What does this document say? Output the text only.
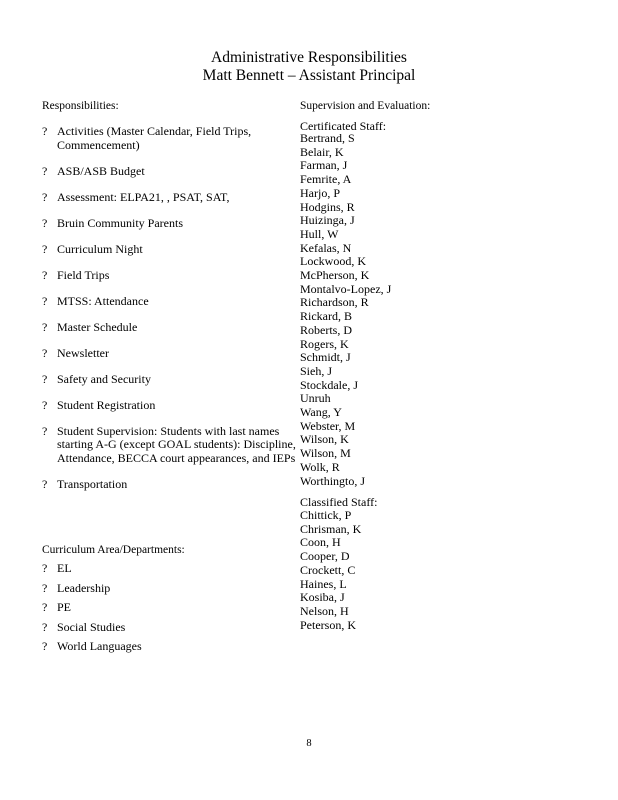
Administrative Responsibilities
Matt Bennett – Assistant Principal
Responsibilities:
? Activities (Master Calendar, Field Trips, Commencement)
? ASB/ASB Budget
? Assessment: ELPA21, , PSAT, SAT,
? Bruin Community Parents
? Curriculum Night
? Field Trips
? MTSS: Attendance
? Master Schedule
? Newsletter
? Safety and Security
? Student Registration
? Student Supervision: Students with last names starting A-G (except GOAL students): Discipline, Attendance, BECCA court appearances, and IEPs
? Transportation
Curriculum Area/Departments:
? EL
? Leadership
? PE
? Social Studies
? World Languages
Supervision and Evaluation:
Certificated Staff:
Bertrand, S
Belair, K
Farman, J
Femrite, A
Harjo, P
Hodgins, R
Huizinga, J
Hull, W
Kefalas, N
Lockwood, K
McPherson, K
Montalvo-Lopez, J
Richardson, R
Rickard, B
Roberts, D
Rogers, K
Schmidt, J
Sieh, J
Stockdale, J
Unruh
Wang, Y
Webster, M
Wilson, K
Wilson, M
Wolk, R
Worthingto, J
Classified Staff:
Chittick, P
Chrisman, K
Coon, H
Cooper, D
Crockett, C
Haines, L
Kosiba, J
Nelson, H
Peterson, K
8
